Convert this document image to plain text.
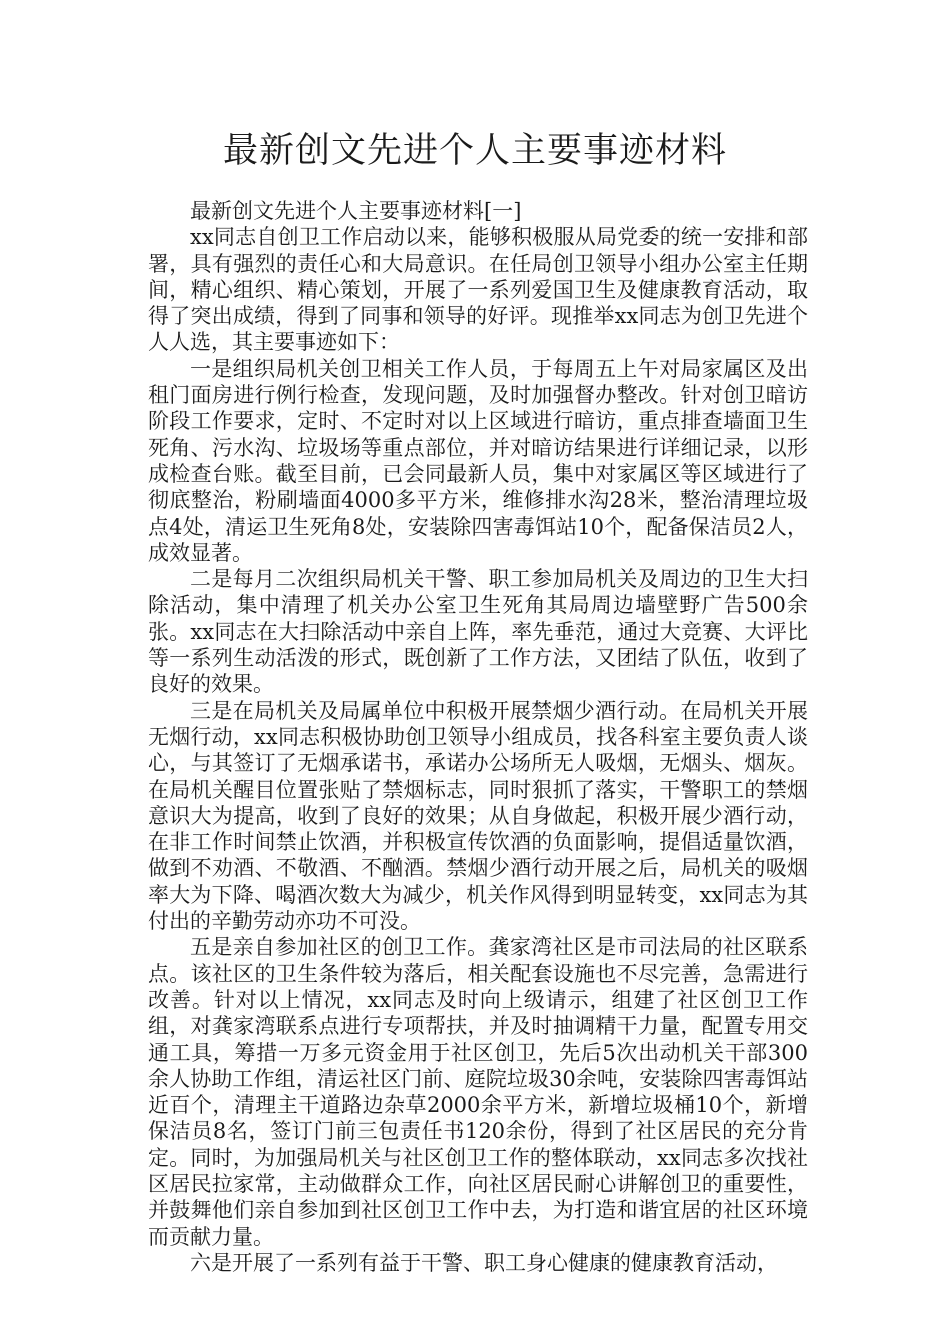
最新创文先进个人主要事迹材料

最新创文先进个人主要事迹材料[一]

xx同志自创卫工作启动以来，能够积极服从局党委的统一安排和部署，具有强烈的责任心和大局意识。在任局创卫领导小组办公室主任期间，精心组织、精心策划，开展了一系列爱国卫生及健康教育活动，取得了突出成绩，得到了同事和领导的好评。现推举xx同志为创卫先进个人人选，其主要事迹如下：

一是组织局机关创卫相关工作人员，于每周五上午对局家属区及出租门面房进行例行检查，发现问题，及时加强督办整改。针对创卫暗访阶段工作要求，定时、不定时对以上区域进行暗访，重点排查墙面卫生死角、污水沟、垃圾场等重点部位，并对暗访结果进行详细记录，以形成检查台账。截至目前，已会同最新人员，集中对家属区等区域进行了彻底整治，粉刷墙面4000多平方米，维修排水沟28米，整治清理垃圾点4处，清运卫生死角8处，安装除四害毒饵站10个，配备保洁员2人，成效显著。

二是每月二次组织局机关干警、职工参加局机关及周边的卫生大扫除活动，集中清理了机关办公室卫生死角其局周边墙壁野广告500余张。xx同志在大扫除活动中亲自上阵，率先垂范，通过大竞赛、大评比等一系列生动活泼的形式，既创新了工作方法，又团结了队伍，收到了良好的效果。

三是在局机关及局属单位中积极开展禁烟少酒行动。在局机关开展无烟行动，xx同志积极协助创卫领导小组成员，找各科室主要负责人谈心，与其签订了无烟承诺书，承诺办公场所无人吸烟，无烟头、烟灰。在局机关醒目位置张贴了禁烟标志，同时狠抓了落实，干警职工的禁烟意识大为提高，收到了良好的效果；从自身做起，积极开展少酒行动，在非工作时间禁止饮酒，并积极宣传饮酒的负面影响，提倡适量饮酒，做到不劝酒、不敬酒、不酗酒。禁烟少酒行动开展之后，局机关的吸烟率大为下降、喝酒次数大为减少，机关作风得到明显转变，xx同志为其付出的辛勤劳动亦功不可没。

五是亲自参加社区的创卫工作。龚家湾社区是市司法局的社区联系点。该社区的卫生条件较为落后，相关配套设施也不尽完善，急需进行改善。针对以上情况，xx同志及时向上级请示，组建了社区创卫工作组，对龚家湾联系点进行专项帮扶，并及时抽调精干力量，配置专用交通工具，筹措一万多元资金用于社区创卫，先后5次出动机关干部300余人协助工作组，清运社区门前、庭院垃圾30余吨，安装除四害毒饵站近百个，清理主干道路边杂草2000余平方米，新增垃圾桶10个，新增保洁员8名，签订门前三包责任书120余份，得到了社区居民的充分肯定。同时，为加强局机关与社区创卫工作的整体联动，xx同志多次找社区居民拉家常，主动做群众工作，向社区居民耐心讲解创卫的重要性，并鼓舞他们亲自参加到社区创卫工作中去，为打造和谐宜居的社区环境而贡献力量。

六是开展了一系列有益于干警、职工身心健康的健康教育活动，
